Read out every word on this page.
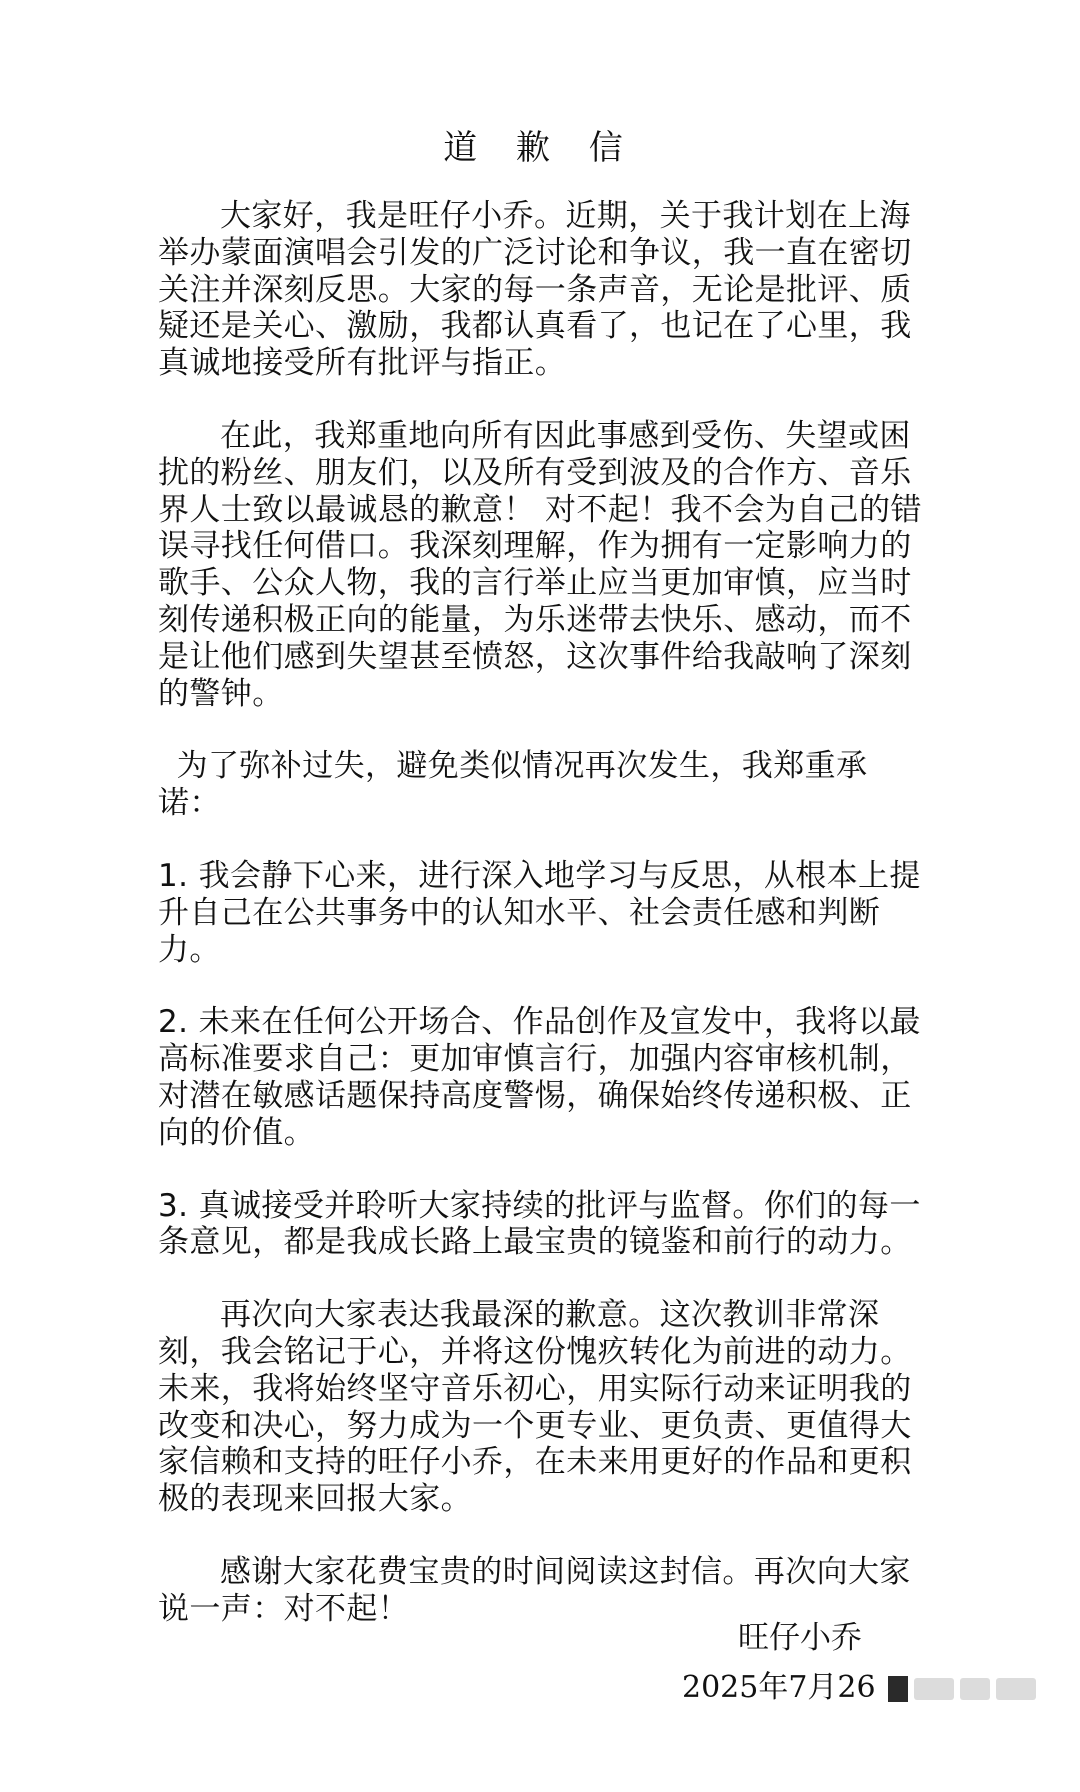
道 歉 信

大家好，我是旺仔小乔。近期，关于我计划在上海举办蒙面演唱会引发的广泛讨论和争议，我一直在密切关注并深刻反思。大家的每一条声音，无论是批评、质疑还是关心、激励，我都认真看了，也记在了心里，我真诚地接受所有批评与指正。

在此，我郑重地向所有因此事感到受伤、失望或困扰的粉丝、朋友们，以及所有受到波及的合作方、音乐界人士致以最诚恳的歉意！ 对不起！我不会为自己的错误寻找任何借口。我深刻理解，作为拥有一定影响力的歌手、公众人物，我的言行举止应当更加审慎，应当时刻传递积极正向的能量，为乐迷带去快乐、感动，而不是让他们感到失望甚至愤怒，这次事件给我敲响了深刻的警钟。

为了弥补过失，避免类似情况再次发生，我郑重承诺：

1. 我会静下心来，进行深入地学习与反思，从根本上提升自己在公共事务中的认知水平、社会责任感和判断力。

2. 未来在任何公开场合、作品创作及宣发中，我将以最高标准要求自己：更加审慎言行，加强内容审核机制，对潜在敏感话题保持高度警惕，确保始终传递积极、正向的价值。

3. 真诚接受并聆听大家持续的批评与监督。你们的每一条意见，都是我成长路上最宝贵的镜鉴和前行的动力。

再次向大家表达我最深的歉意。这次教训非常深刻，我会铭记于心，并将这份愧疚转化为前进的动力。未来，我将始终坚守音乐初心，用实际行动来证明我的改变和决心，努力成为一个更专业、更负责、更值得大家信赖和支持的旺仔小乔，在未来用更好的作品和更积极的表现来回报大家。

感谢大家花费宝贵的时间阅读这封信。再次向大家说一声：对不起！

旺仔小乔
2025年7月26
